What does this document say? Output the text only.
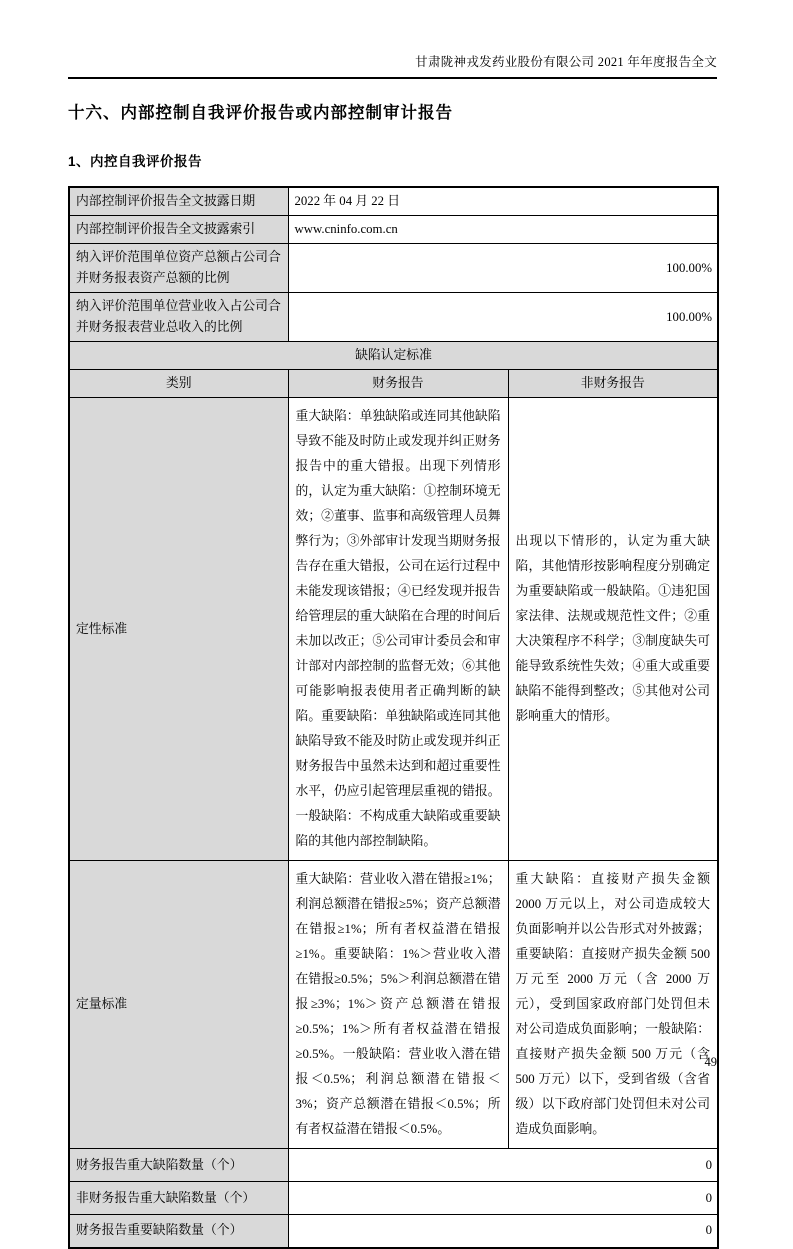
甘肃陇神戎发药业股份有限公司 2021 年年度报告全文
十六、内部控制自我评价报告或内部控制审计报告
1、内控自我评价报告
内部控制评价报告全文披露日期	2022 年 04 月 22 日	
内部控制评价报告全文披露索引	www.cninfo.com.cn	
纳入评价范围单位资产总额占公司合并财务报表资产总额的比例	100.00%	
纳入评价范围单位营业收入占公司合并财务报表营业总收入的比例	100.00%	
缺陷认定标准		
类别	财务报告	非财务报告
定性标准	重大缺陷：单独缺陷或连同其他缺陷导致不能及时防止或发现并纠正财务报告中的重大错报。出现下列情形的，认定为重大缺陷：①控制环境无效；②董事、监事和高级管理人员舞弊行为；③外部审计发现当期财务报告存在重大错报，公司在运行过程中未能发现该错报；④已经发现并报告给管理层的重大缺陷在合理的时间后未加以改正；⑤公司审计委员会和审计部对内部控制的监督无效；⑥其他可能影响报表使用者正确判断的缺陷。重要缺陷：单独缺陷或连同其他缺陷导致不能及时防止或发现并纠正财务报告中虽然未达到和超过重要性水平，仍应引起管理层重视的错报。一般缺陷：不构成重大缺陷或重要缺陷的其他内部控制缺陷。	出现以下情形的，认定为重大缺陷，其他情形按影响程度分别确定为重要缺陷或一般缺陷。①违犯国家法律、法规或规范性文件；②重大决策程序不科学；③制度缺失可能导致系统性失效；④重大或重要缺陷不能得到整改；⑤其他对公司影响重大的情形。
定量标准	重大缺陷：营业收入潜在错报≥1%；利润总额潜在错报≥5%；资产总额潜在错报≥1%；所有者权益潜在错报≥1%。重要缺陷：1%＞营业收入潜在错报≥0.5%；5%＞利润总额潜在错报≥3%；1%＞资产总额潜在错报≥0.5%；1%＞所有者权益潜在错报≥0.5%。一般缺陷：营业收入潜在错报＜0.5%；利润总额潜在错报＜3%；资产总额潜在错报＜0.5%；所有者权益潜在错报＜0.5%。	重大缺陷：直接财产损失金额 2000 万元以上，对公司造成较大负面影响并以公告形式对外披露；重要缺陷：直接财产损失金额 500 万元至 2000 万元（含 2000 万元），受到国家政府部门处罚但未对公司造成负面影响；一般缺陷：直接财产损失金额 500 万元（含 500 万元）以下，受到省级（含省级）以下政府部门处罚但未对公司造成负面影响。
财务报告重大缺陷数量（个）	0	
非财务报告重大缺陷数量（个）	0	
财务报告重要缺陷数量（个）	0	
49
